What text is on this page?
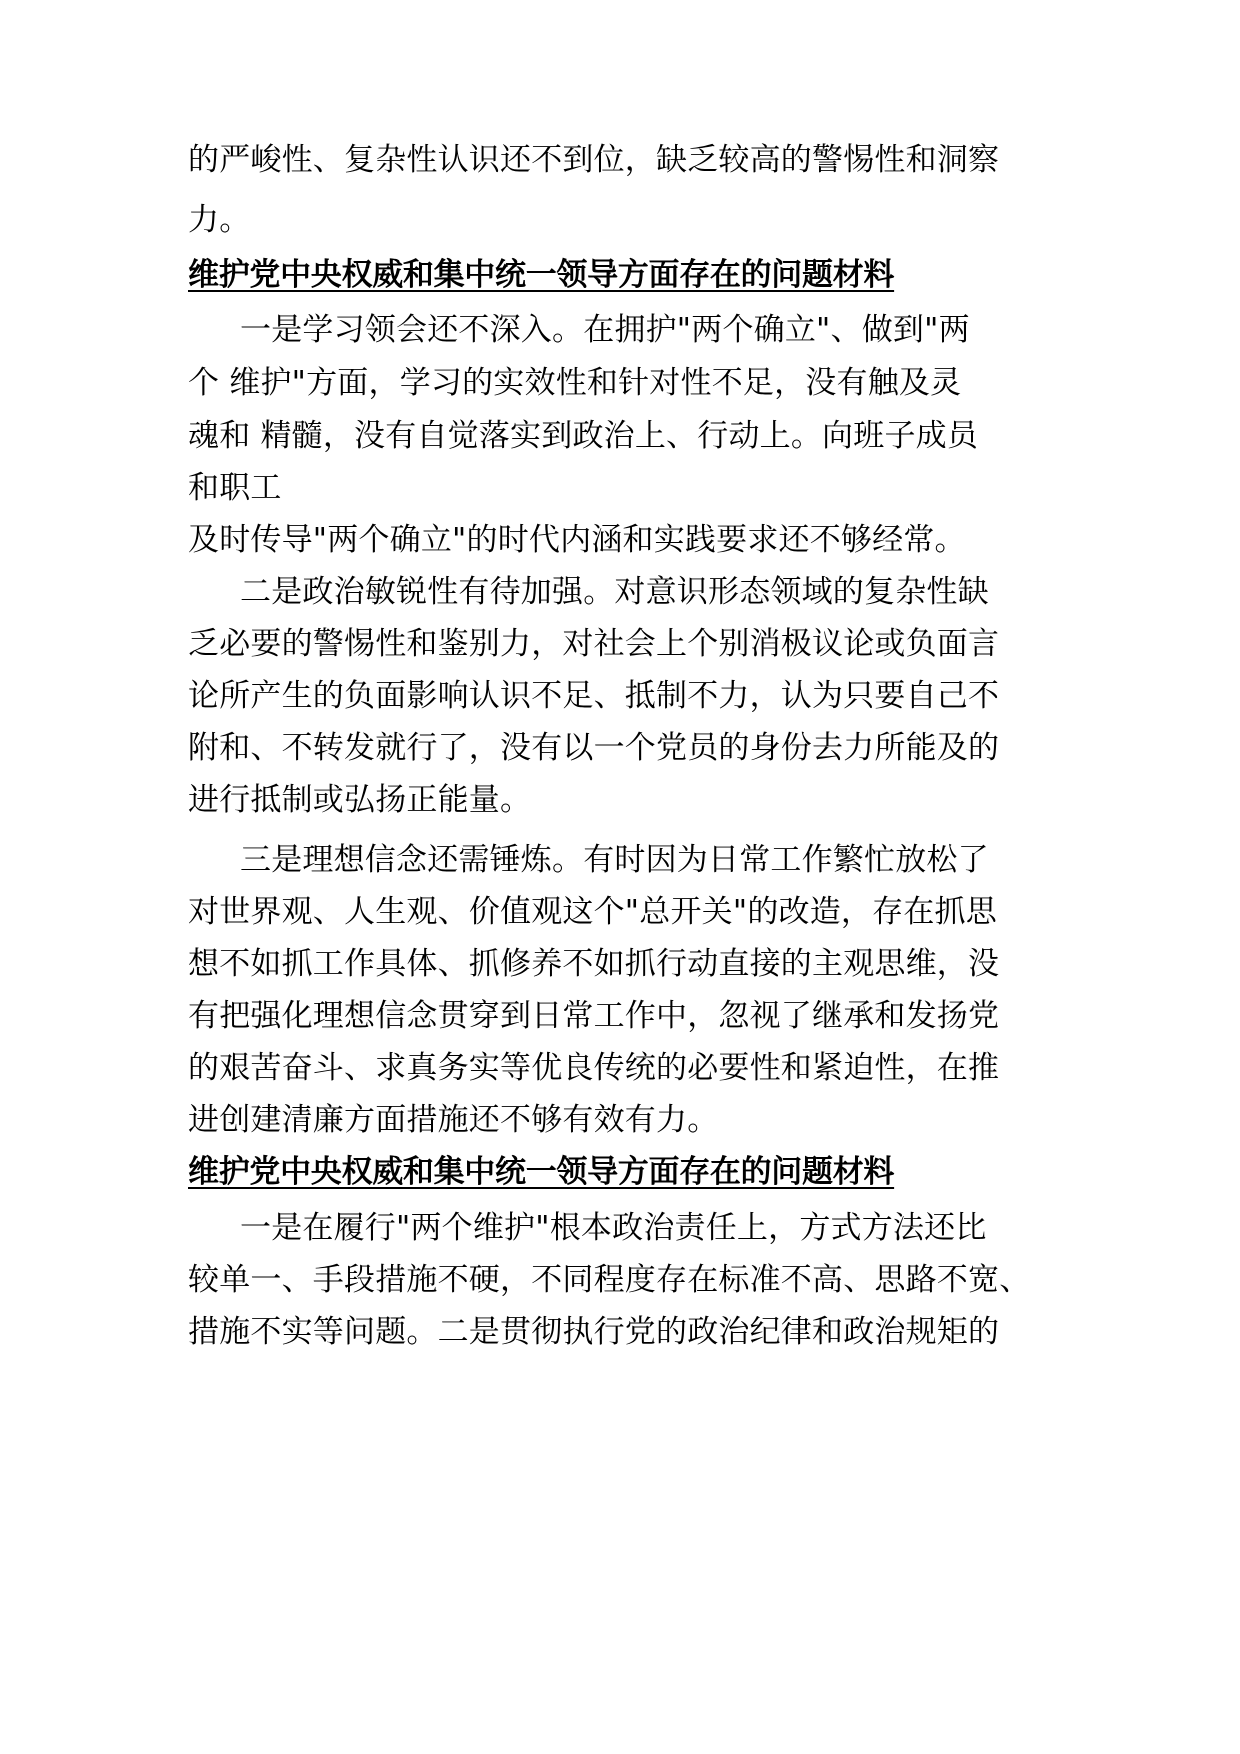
的严峻性、复杂性认识还不到位，缺乏较高的警惕性和洞察

力。

维护党中央权威和集中统一领导方面存在的问题材料

一是学习领会还不深入。在拥护"两个确立"、做到"两

个 维护"方面，学习的实效性和针对性不足，没有触及灵

魂和 精髓，没有自觉落实到政治上、行动上。向班子成员

和职工

及时传导"两个确立"的时代内涵和实践要求还不够经常。

二是政治敏锐性有待加强。对意识形态领域的复杂性缺

乏必要的警惕性和鉴别力，对社会上个别消极议论或负面言

论所产生的负面影响认识不足、抵制不力，认为只要自己不

附和、不转发就行了，没有以一个党员的身份去力所能及的

进行抵制或弘扬正能量。

三是理想信念还需锤炼。有时因为日常工作繁忙放松了

对世界观、人生观、价值观这个"总开关"的改造，存在抓思

想不如抓工作具体、抓修养不如抓行动直接的主观思维，没

有把强化理想信念贯穿到日常工作中，忽视了继承和发扬党

的艰苦奋斗、求真务实等优良传统的必要性和紧迫性，在推

进创建清廉方面措施还不够有效有力。

维护党中央权威和集中统一领导方面存在的问题材料

一是在履行"两个维护"根本政治责任上，方式方法还比

较单一、手段措施不硬，不同程度存在标准不高、思路不宽、

措施不实等问题。二是贯彻执行党的政治纪律和政治规矩的
